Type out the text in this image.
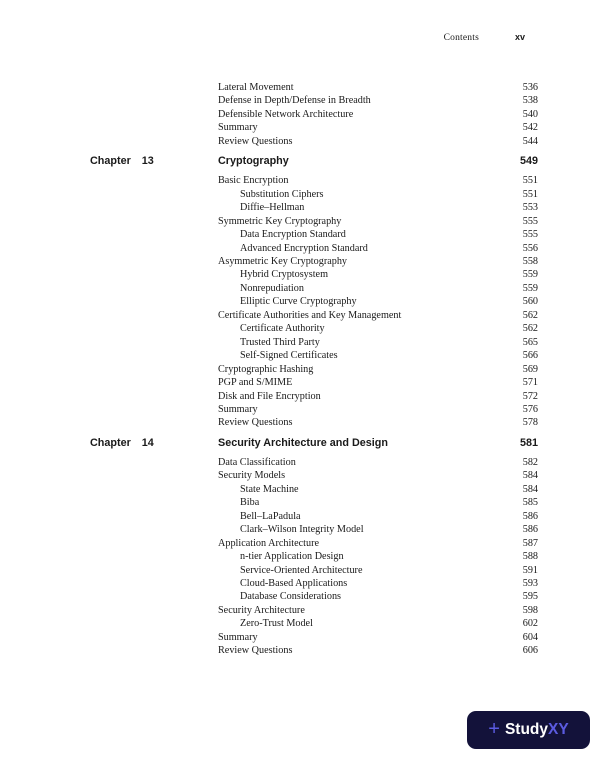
Contents	xv
Lateral Movement	536
Defense in Depth/Defense in Breadth	538
Defensible Network Architecture	540
Summary	542
Review Questions	544
Chapter 13	Cryptography	549
Basic Encryption	551
Substitution Ciphers	551
Diffie–Hellman	553
Symmetric Key Cryptography	555
Data Encryption Standard	555
Advanced Encryption Standard	556
Asymmetric Key Cryptography	558
Hybrid Cryptosystem	559
Nonrepudiation	559
Elliptic Curve Cryptography	560
Certificate Authorities and Key Management	562
Certificate Authority	562
Trusted Third Party	565
Self-Signed Certificates	566
Cryptographic Hashing	569
PGP and S/MIME	571
Disk and File Encryption	572
Summary	576
Review Questions	578
Chapter 14	Security Architecture and Design	581
Data Classification	582
Security Models	584
State Machine	584
Biba	585
Bell–LaPadula	586
Clark–Wilson Integrity Model	586
Application Architecture	587
n-tier Application Design	588
Service-Oriented Architecture	591
Cloud-Based Applications	593
Database Considerations	595
Security Architecture	598
Zero-Trust Model	602
Summary	604
Review Questions	606
+ Study XY
